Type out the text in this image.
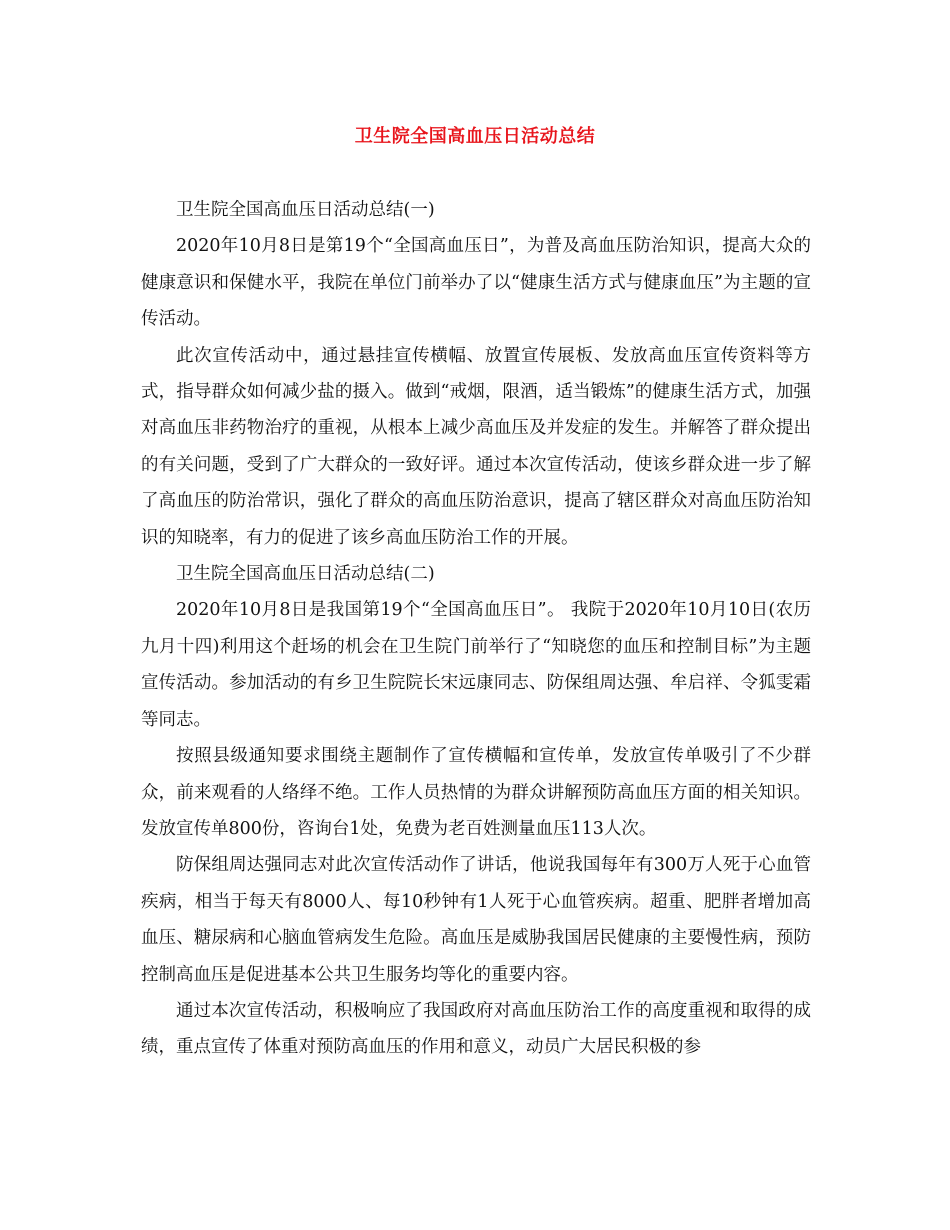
卫生院全国高血压日活动总结

卫生院全国高血压日活动总结(一)

2020年10月8日是第19个“全国高血压日”，为普及高血压防治知识，提高大众的健康意识和保健水平，我院在单位门前举办了以“健康生活方式与健康血压”为主题的宣传活动。

此次宣传活动中，通过悬挂宣传横幅、放置宣传展板、发放高血压宣传资料等方式，指导群众如何减少盐的摄入。做到“戒烟，限酒，适当锻炼”的健康生活方式，加强对高血压非药物治疗的重视，从根本上减少高血压及并发症的发生。并解答了群众提出的有关问题，受到了广大群众的一致好评。通过本次宣传活动，使该乡群众进一步了解了高血压的防治常识，强化了群众的高血压防治意识，提高了辖区群众对高血压防治知识的知晓率，有力的促进了该乡高血压防治工作的开展。

卫生院全国高血压日活动总结(二)

2020年10月8日是我国第19个“全国高血压日”。 我院于2020年10月10日(农历九月十四)利用这个赶场的机会在卫生院门前举行了“知晓您的血压和控制目标”为主题宣传活动。参加活动的有乡卫生院院长宋远康同志、防保组周达强、牟启祥、令狐雯霜等同志。

按照县级通知要求围绕主题制作了宣传横幅和宣传单，发放宣传单吸引了不少群众，前来观看的人络绎不绝。工作人员热情的为群众讲解预防高血压方面的相关知识。发放宣传单800份，咨询台1处，免费为老百姓测量血压113人次。

防保组周达强同志对此次宣传活动作了讲话，他说我国每年有300万人死于心血管疾病，相当于每天有8000人、每10秒钟有1人死于心血管疾病。超重、肥胖者增加高血压、糖尿病和心脑血管病发生危险。高血压是威胁我国居民健康的主要慢性病，预防控制高血压是促进基本公共卫生服务均等化的重要内容。

通过本次宣传活动，积极响应了我国政府对高血压防治工作的高度重视和取得的成绩，重点宣传了体重对预防高血压的作用和意义，动员广大居民积极的参
